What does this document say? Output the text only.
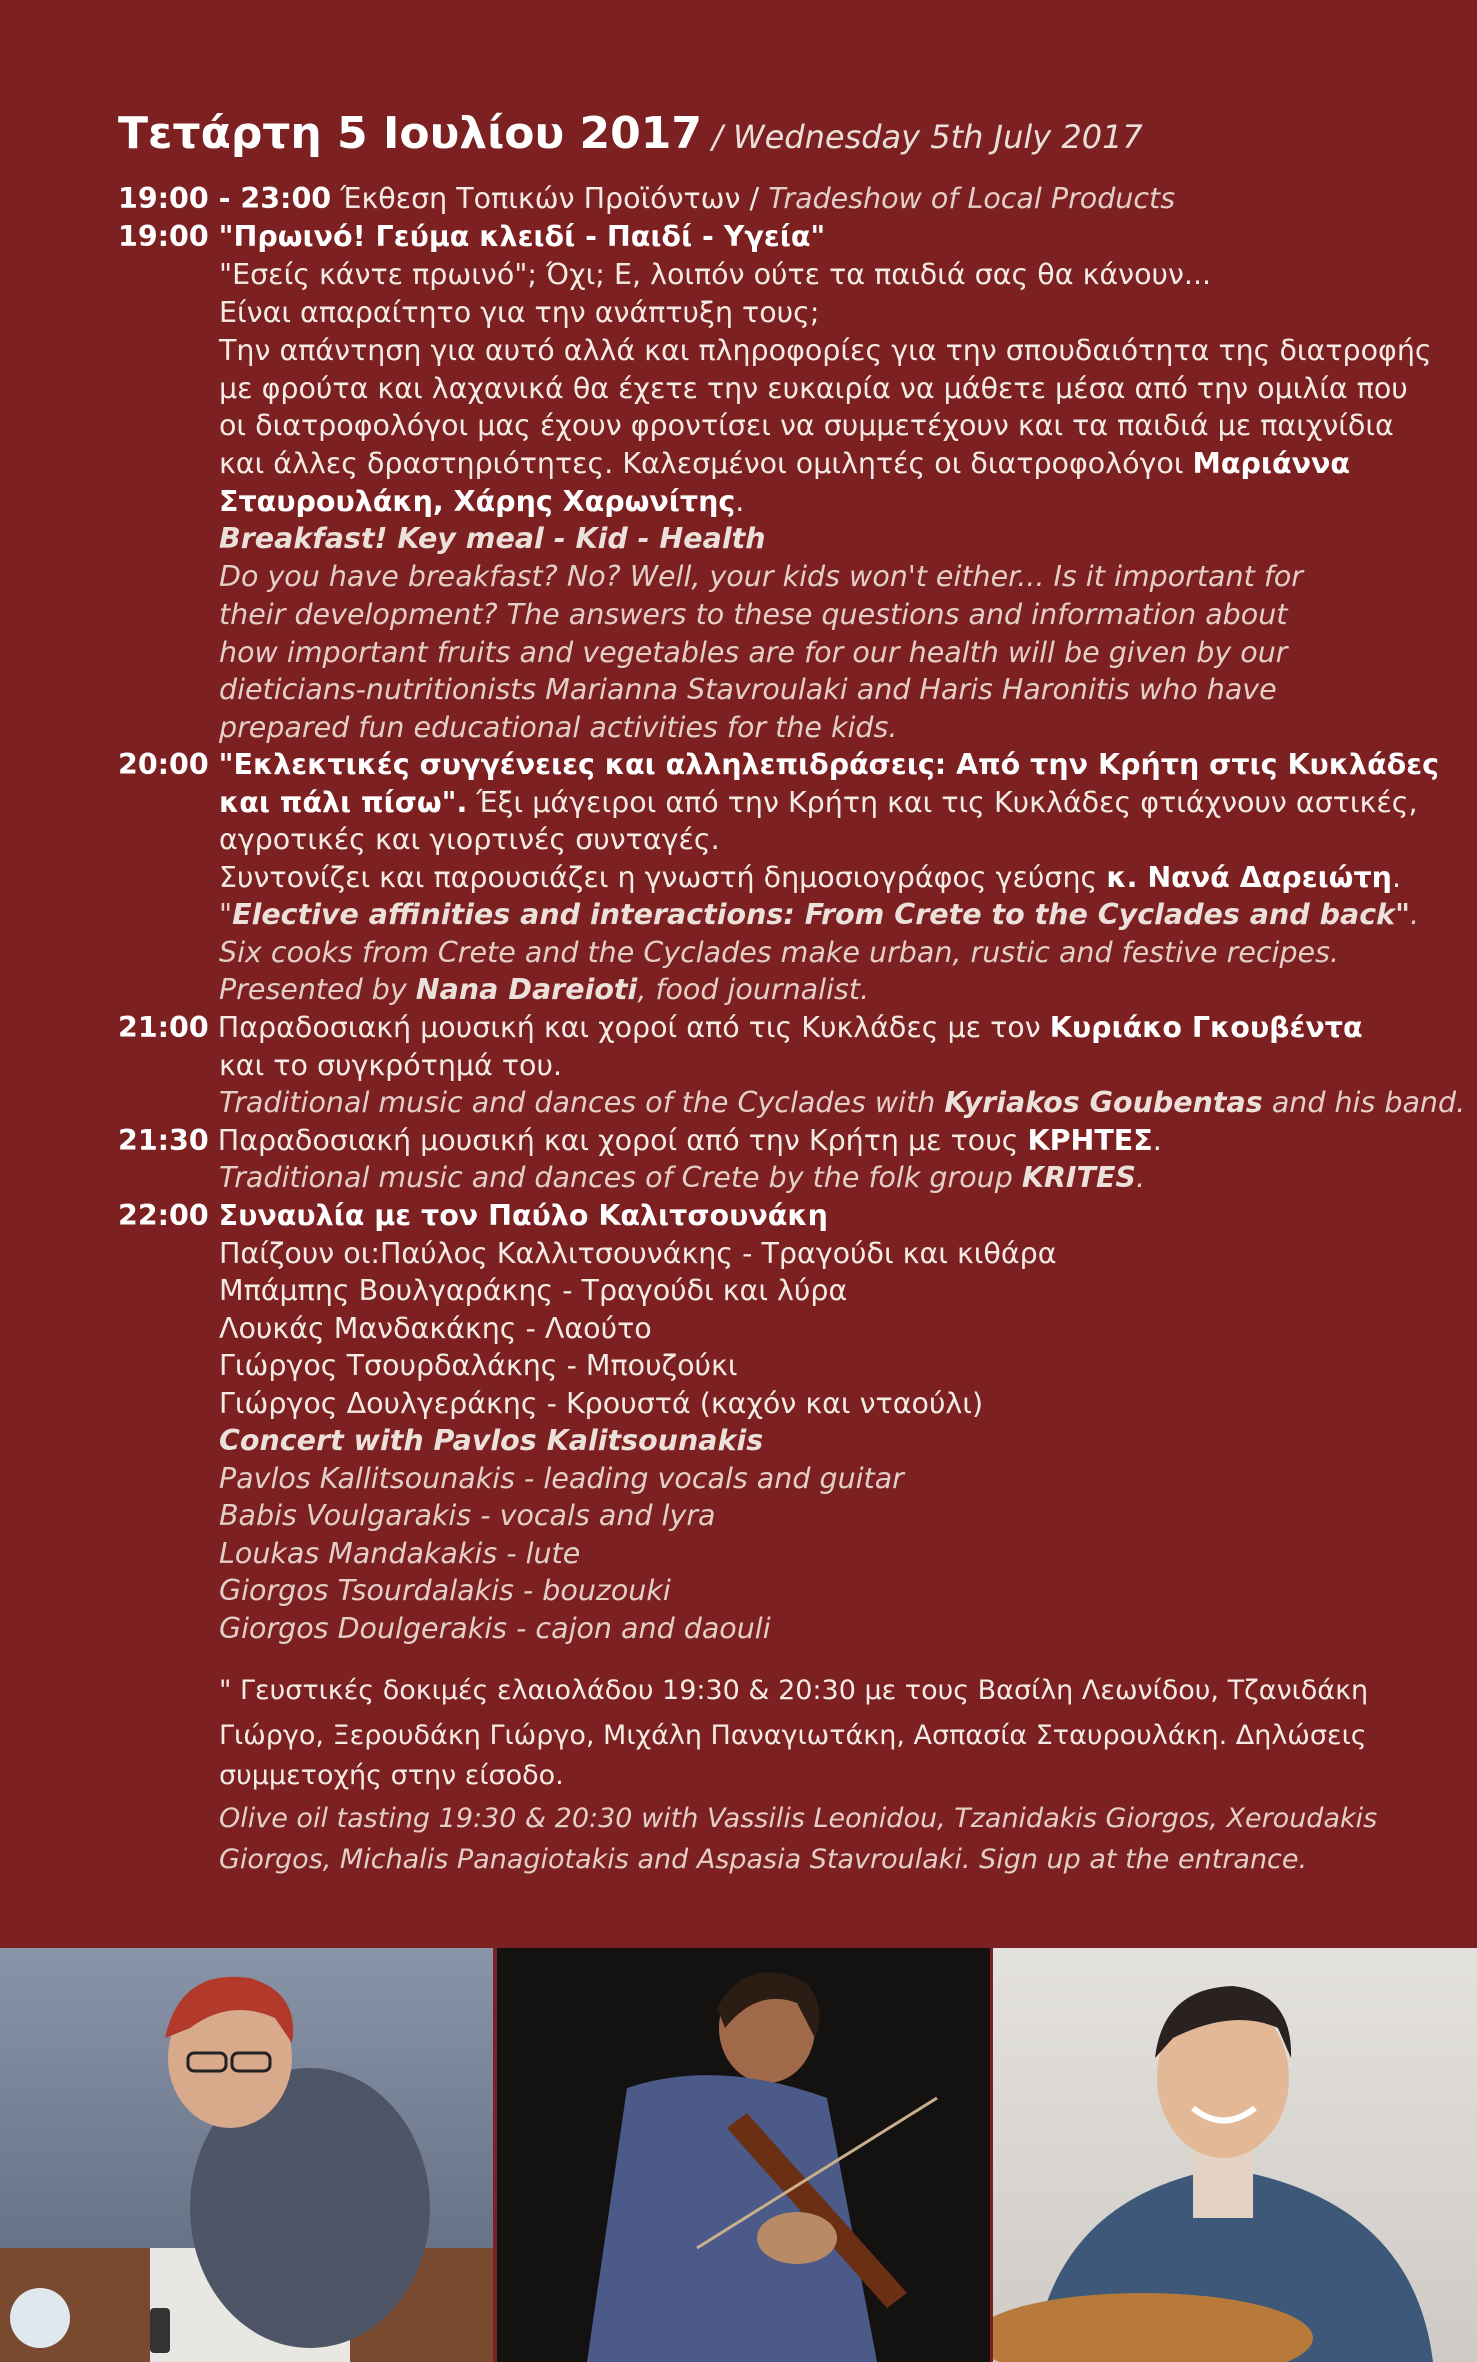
Τετάρτη 5 Ιουλίου 2017 / Wednesday 5th July 2017
19:00 - 23:00 Έκθεση Τοπικών Προϊόντων / Tradeshow of Local Products
19:00 "Πρωινό! Γεύμα κλειδί - Παιδί - Υγεία"
"Εσείς κάντε πρωινό"; Όχι; Ε, λοιπόν ούτε τα παιδιά σας θα κάνουν...
Είναι απαραίτητο για την ανάπτυξη τους;
Την απάντηση για αυτό αλλά και πληροφορίες για την σπουδαιότητα της διατροφής
με φρούτα και λαχανικά θα έχετε την ευκαιρία να μάθετε μέσα από την ομιλία που
οι διατροφολόγοι μας έχουν φροντίσει να συμμετέχουν και τα παιδιά με παιχνίδια
και άλλες δραστηριότητες. Καλεσμένοι ομιλητές οι διατροφολόγοι Μαριάννα
Σταυρουλάκη, Χάρης Χαρωνίτης.
Breakfast! Key meal - Kid - Health
Do you have breakfast? No? Well, your kids won't either... Is it important for
their development? The answers to these questions and information about
how important fruits and vegetables are for our health will be given by our
dieticians-nutritionists Marianna Stavroulaki and Haris Haronitis who have
prepared fun educational activities for the kids.
20:00 "Εκλεκτικές συγγένειες και αλληλεπιδράσεις: Από την Κρήτη στις Κυκλάδες
και πάλι πίσω". Έξι μάγειροι από την Κρήτη και τις Κυκλάδες φτιάχνουν αστικές,
αγροτικές και γιορτινές συνταγές.
Συντονίζει και παρουσιάζει η γνωστή δημοσιογράφος γεύσης κ. Νανά Δαρειώτη.
"Elective affinities and interactions: From Crete to the Cyclades and back".
Six cooks from Crete and the Cyclades make urban, rustic and festive recipes.
Presented by Nana Dareioti, food journalist.
21:00 Παραδοσιακή μουσική και χοροί από τις Κυκλάδες με τον Κυριάκο Γκουβέντα
και το συγκρότημά του.
Traditional music and dances of the Cyclades with Kyriakos Goubentas and his band.
21:30 Παραδοσιακή μουσική και χοροί από την Κρήτη με τους ΚΡΗΤΕΣ.
Traditional music and dances of Crete by the folk group KRITES.
22:00 Συναυλία με τον Παύλο Καλιτσουνάκη
Παίζουν οι:Παύλος Καλλιτσουνάκης - Τραγούδι και κιθάρα
Μπάμπης Βουλγαράκης - Τραγούδι και λύρα
Λουκάς Μανδακάκης - Λαούτο
Γιώργος Τσουρδαλάκης - Μπουζούκι
Γιώργος Δουλγεράκης - Κρουστά (καχόν και νταούλι)
Concert with Pavlos Kalitsounakis
Pavlos Kallitsounakis - leading vocals and guitar
Babis Voulgarakis - vocals and lyra
Loukas Mandakakis - lute
Giorgos Tsourdalakis - bouzouki
Giorgos Doulgerakis - cajon and daouli
" Γευστικές δοκιμές ελαιολάδου 19:30 & 20:30 με τους Βασίλη Λεωνίδου, Τζανιδάκη
Γιώργο, Ξερουδάκη Γιώργο, Μιχάλη Παναγιωτάκη, Ασπασία Σταυρουλάκη. Δηλώσεις
συμμετοχής στην είσοδο.
Olive oil tasting 19:30 & 20:30 with Vassilis Leonidou, Tzanidakis Giorgos, Xeroudakis
Giorgos, Michalis Panagiotakis and Aspasia Stavroulaki. Sign up at the entrance.
